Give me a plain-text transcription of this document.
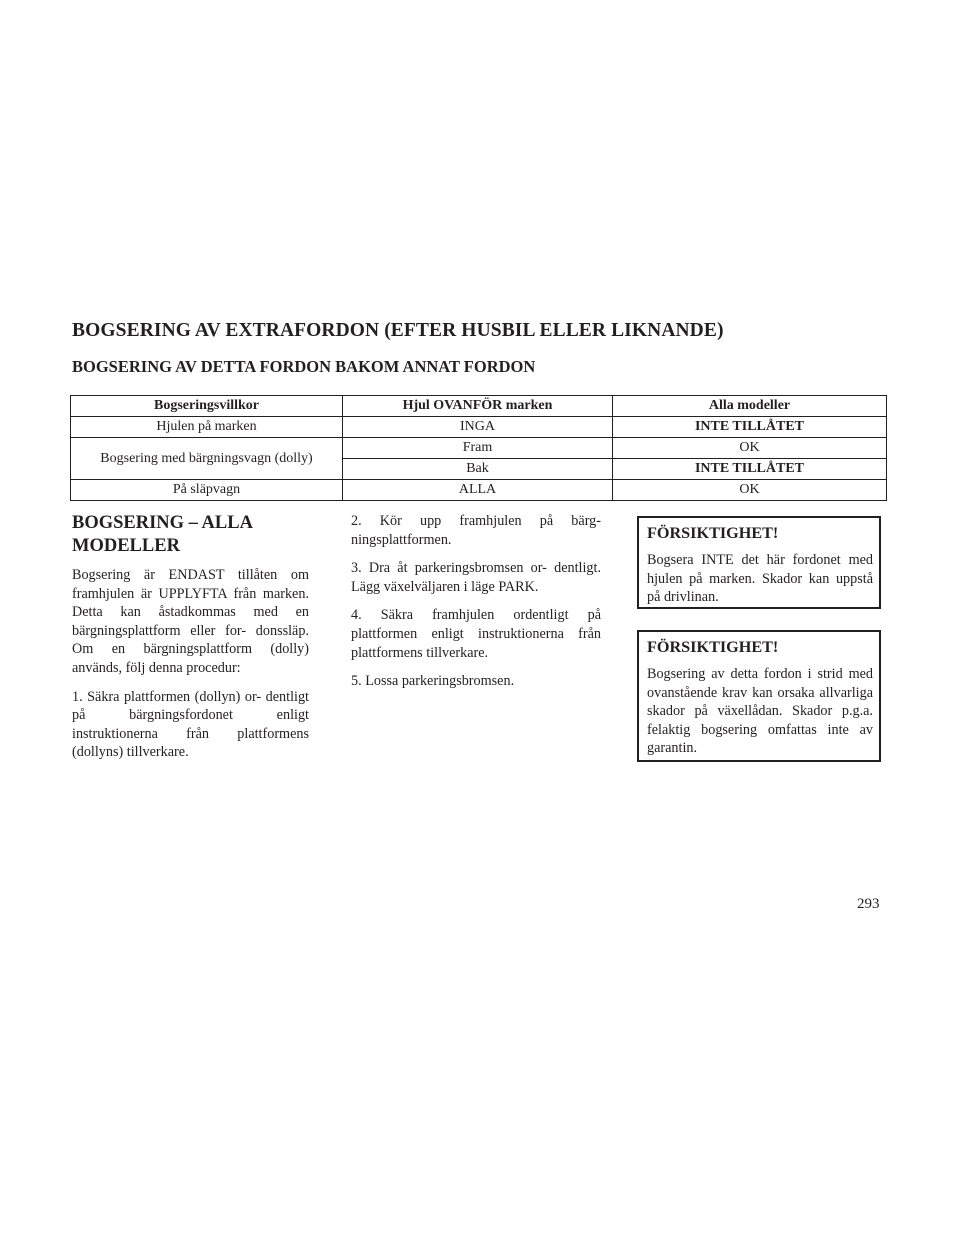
BOGSERING AV EXTRAFORDON (EFTER HUSBIL ELLER LIKNANDE)
BOGSERING AV DETTA FORDON BAKOM ANNAT FORDON
Bogseringsvillkor	Hjul OVANFÖR marken	Alla modeller
Hjulen på marken	INGA	INTE TILLÅTET
Bogsering med bärgningsvagn (dolly)	Fram	OK
	Bak	INTE TILLÅTET
På släpvagn	ALLA	OK
BOGSERING – ALLA
MODELLER

Bogsering är ENDAST tillåten om framhjulen är UPPLYFTA från marken. Detta kan åstadkommas med en bärgningsplattform eller for- donssläp. Om en bärgningsplattform (dolly) används, följ denna procedur:

1. Säkra plattformen (dollyn) or- dentligt på bärgningsfordonet enligt instruktionerna från plattformens (dollyns) tillverkare.

2. Kör upp framhjulen på bärg- ningsplattformen.

3. Dra åt parkeringsbromsen or- dentligt. Lägg växelväljaren i läge PARK.

4. Säkra framhjulen ordentligt på plattformen enligt instruktionerna från plattformens tillverkare.

5. Lossa parkeringsbromsen.

FÖRSIKTIGHET!

Bogsera INTE det här fordonet med hjulen på marken. Skador kan uppstå på drivlinan.

FÖRSIKTIGHET!

Bogsering av detta fordon i strid med ovanstående krav kan orsaka allvarliga skador på växellådan. Skador p.g.a. felaktig bogsering omfattas inte av garantin.

293
